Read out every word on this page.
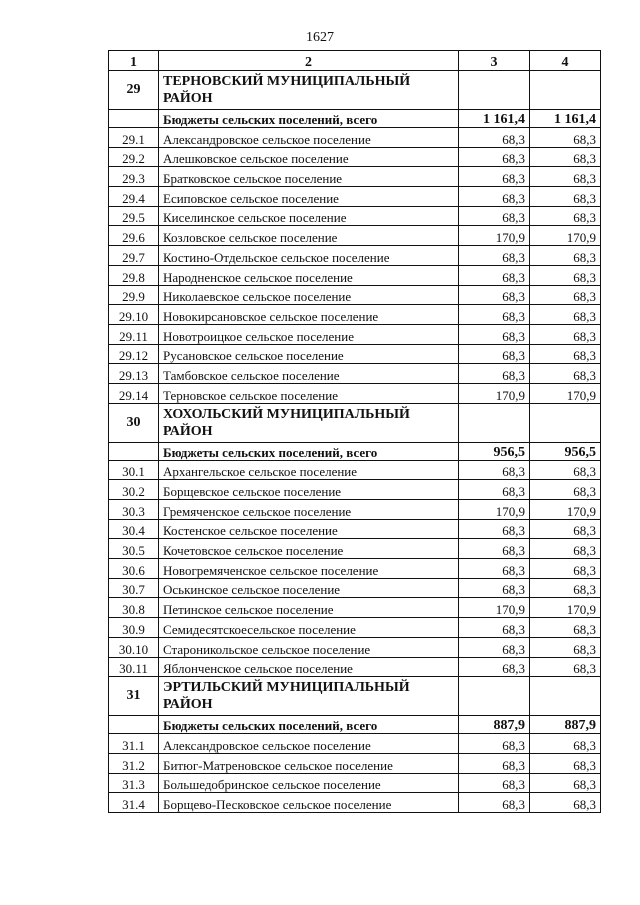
1627
1	2	3	4
29	ТЕРНОВСКИЙ МУНИЦИПАЛЬНЫЙ РАЙОН		
	Бюджеты сельских поселений, всего	1 161,4	1 161,4
29.1	Александровское сельское поселение	68,3	68,3
29.2	Алешковское сельское поселение	68,3	68,3
29.3	Братковское сельское поселение	68,3	68,3
29.4	Есиповское сельское поселение	68,3	68,3
29.5	Киселинское сельское поселение	68,3	68,3
29.6	Козловское сельское поселение	170,9	170,9
29.7	Костино-Отдельское сельское поселение	68,3	68,3
29.8	Народненское сельское поселение	68,3	68,3
29.9	Николаевское сельское поселение	68,3	68,3
29.10	Новокирсановское сельское поселение	68,3	68,3
29.11	Новотроицкое сельское поселение	68,3	68,3
29.12	Русановское сельское поселение	68,3	68,3
29.13	Тамбовское сельское поселение	68,3	68,3
29.14	Терновское сельское поселение	170,9	170,9
30	ХОХОЛЬСКИЙ МУНИЦИПАЛЬНЫЙ РАЙОН		
	Бюджеты сельских поселений, всего	956,5	956,5
30.1	Архангельское сельское поселение	68,3	68,3
30.2	Борщевское сельское поселение	68,3	68,3
30.3	Гремяченское сельское поселение	170,9	170,9
30.4	Костенское сельское поселение	68,3	68,3
30.5	Кочетовское сельское поселение	68,3	68,3
30.6	Новогремяченское сельское поселение	68,3	68,3
30.7	Оськинское сельское поселение	68,3	68,3
30.8	Петинское сельское поселение	170,9	170,9
30.9	Семидесятскоесельское поселение	68,3	68,3
30.10	Староникольское сельское поселение	68,3	68,3
30.11	Яблонченское сельское поселение	68,3	68,3
31	ЭРТИЛЬСКИЙ МУНИЦИПАЛЬНЫЙ РАЙОН		
	Бюджеты сельских поселений, всего	887,9	887,9
31.1	Александровское сельское поселение	68,3	68,3
31.2	Битюг-Матреновское сельское поселение	68,3	68,3
31.3	Большедобринское сельское поселение	68,3	68,3
31.4	Борщево-Песковское сельское поселение	68,3	68,3
